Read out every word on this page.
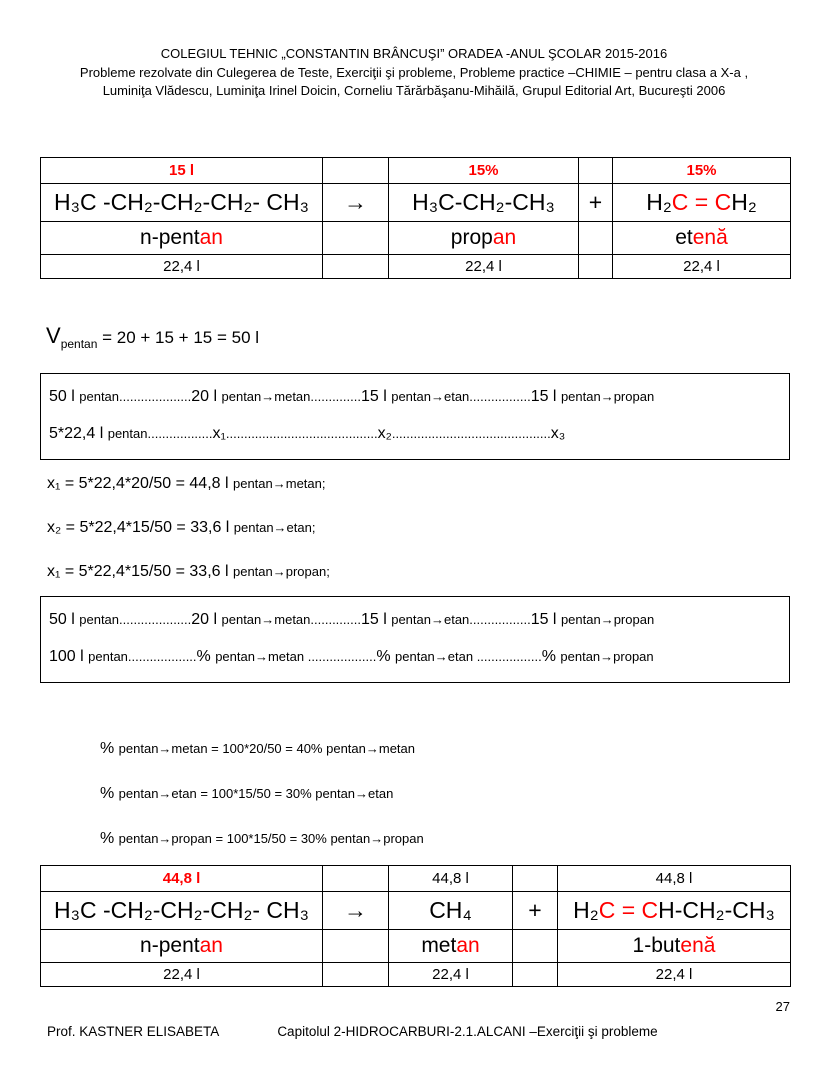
COLEGIUL TEHNIC „CONSTANTIN BRÂNCUŞI” ORADEA -ANUL ŞCOLAR 2015-2016
Probleme rezolvate din Culegerea de Teste, Exerciţii şi probleme, Probleme practice –CHIMIE – pentru clasa a X-a ,
Luminiţa Vlădescu, Luminiţa Irinel Doicin, Corneliu Tărărbăşanu-Mihăilă, Grupul Editorial Art, Bucureşti 2006
15 l		15%		15%
H₃C -CH₂-CH₂-CH₂- CH₃	→	H₃C-CH₂-CH₃	+	H₂C = CH₂
n-pentan		propan		etenă
22,4 l		22,4 l		22,4 l
$V_{pentan} = 20 + 15 + 15 = 50$ l
50 l pentan....................20 l pentan→metan..............15 l pentan→etan.................15 l pentan→propan
5*22,4 l pentan..................x₁..........................................x₂............................................x₃
x₁ = 5*22,4*20/50 = 44,8 l pentan→metan;
x₂ = 5*22,4*15/50 = 33,6 l pentan→etan;
x₁ = 5*22,4*15/50 = 33,6 l pentan→propan;
50 l pentan....................20 l pentan→metan..............15 l pentan→etan.................15 l pentan→propan
100 l pentan...................% pentan→metan ...................% pentan→etan ..................% pentan→propan
% pentan→metan = 100*20/50 = 40% pentan→metan
% pentan→etan = 100*15/50 = 30% pentan→etan
% pentan→propan = 100*15/50 = 30% pentan→propan
44,8 l		44,8 l		44,8 l
H₃C -CH₂-CH₂-CH₂- CH₃	→	CH₄	+	H₂C = CH-CH₂-CH₃
n-pentan		metan		1-butenă
22,4 l		22,4 l		22,4 l
27
Prof. KASTNER ELISABETA	Capitolul 2-HIDROCARBURI-2.1.ALCANI –Exerciţii şi probleme
